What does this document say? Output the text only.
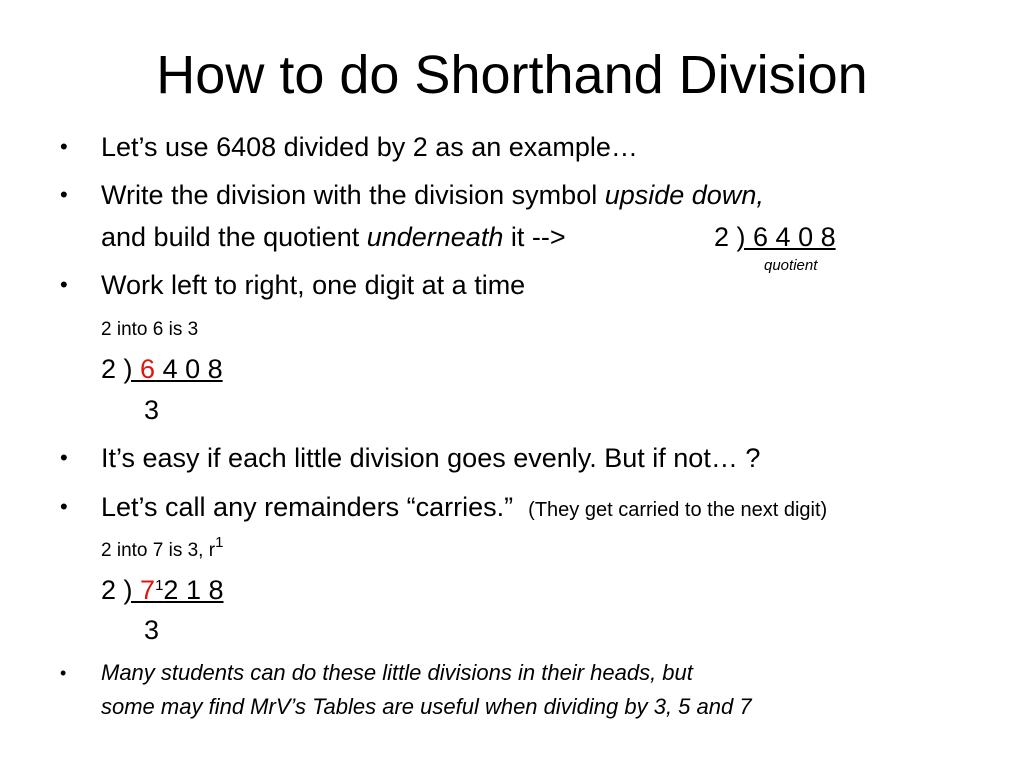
How to do Shorthand Division
• Let’s use 6408 divided by 2 as an example…
• Write the division with the division symbol upside down,
and build the quotient underneath it -->	2 ) 6 4 0 8
quotient
• Work left to right, one digit at a time
2 into 6 is 3
2 ) 6 4 0 8
3
• It’s easy if each little division goes evenly. But if not… ?
• Let’s call any remainders “carries.” (They get carried to the next digit)
2 into 7 is 3, $r^1$
2 ) $7^12$ 1 8
3
• Many students can do these little divisions in their heads, but
some may find MrV’s Tables are useful when dividing by 3, 5 and 7
